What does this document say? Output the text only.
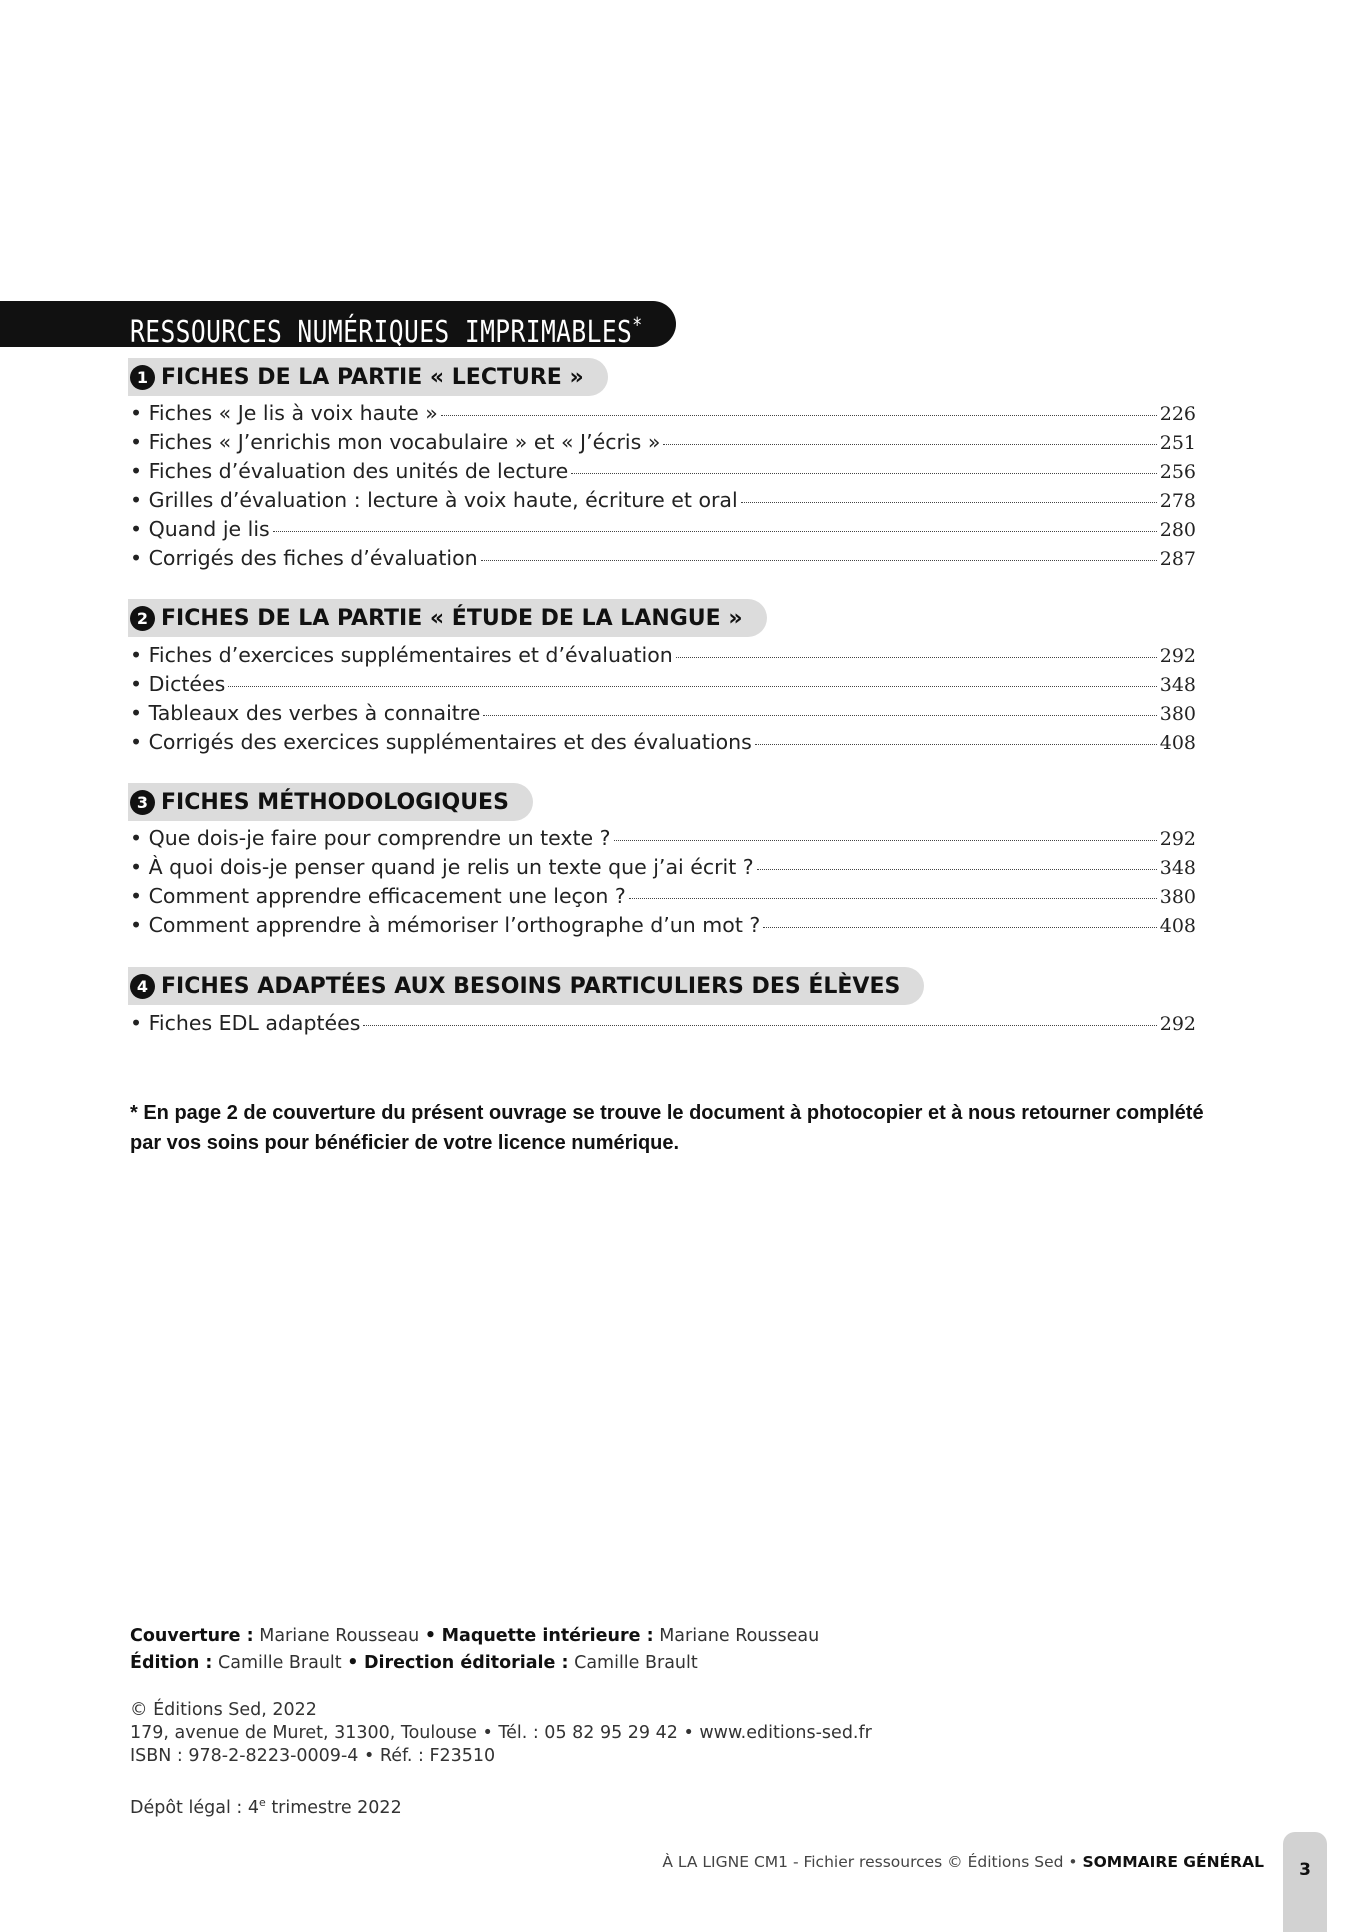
RESSOURCES NUMÉRIQUES IMPRIMABLES*
1 FICHES DE LA PARTIE « LECTURE »
• Fiches « Je lis à voix haute »	226
• Fiches « J’enrichis mon vocabulaire » et « J’écris »	251
• Fiches d’évaluation des unités de lecture	256
• Grilles d’évaluation : lecture à voix haute, écriture et oral	278
• Quand je lis	280
• Corrigés des fiches d’évaluation	287
2 FICHES DE LA PARTIE « ÉTUDE DE LA LANGUE »
• Fiches d’exercices supplémentaires et d’évaluation	292
• Dictées	348
• Tableaux des verbes à connaitre	380
• Corrigés des exercices supplémentaires et des évaluations	408
3 FICHES MÉTHODOLOGIQUES
• Que dois-je faire pour comprendre un texte ?	292
• À quoi dois-je penser quand je relis un texte que j’ai écrit ?	348
• Comment apprendre efficacement une leçon ?	380
• Comment apprendre à mémoriser l’orthographe d’un mot ?	408
4 FICHES ADAPTÉES AUX BESOINS PARTICULIERS DES ÉLÈVES
• Fiches EDL adaptées	292
* En page 2 de couverture du présent ouvrage se trouve le document à photocopier et à nous retourner complété par vos soins pour bénéficier de votre licence numérique.
Couverture : Mariane Rousseau • Maquette intérieure : Mariane Rousseau
Édition : Camille Brault • Direction éditoriale : Camille Brault
© Éditions Sed, 2022
179, avenue de Muret, 31300, Toulouse • Tél. : 05 82 95 29 42 • www.editions-sed.fr
ISBN : 978-2-8223-0009-4 • Réf. : F23510
Dépôt légal : 4e trimestre 2022
À LA LIGNE CM1 - Fichier ressources © Éditions Sed • SOMMAIRE GÉNÉRAL	3
